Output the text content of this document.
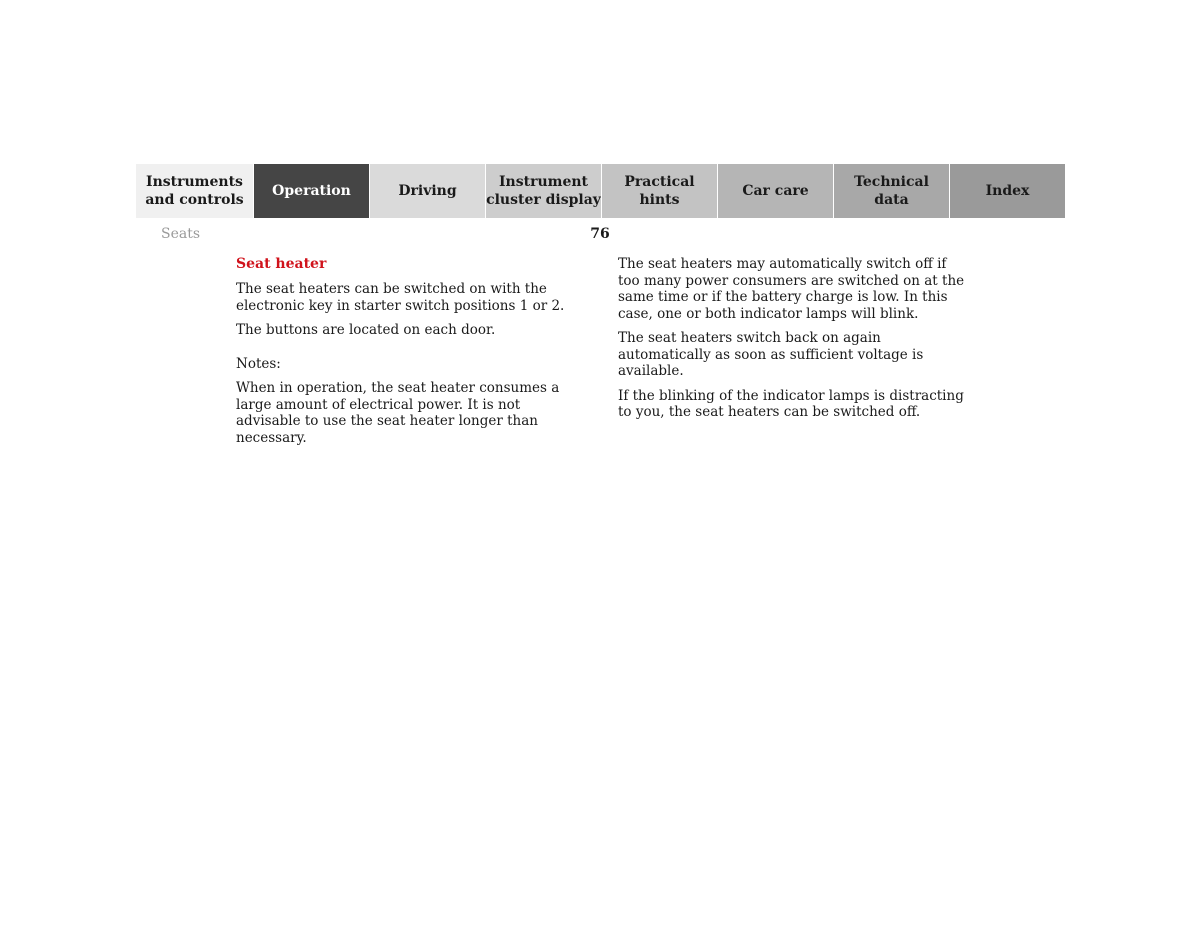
Instruments
and controls
Operation	Driving
Instrument
cluster display
Practical hints
Car care
Technical
data
Index
Seats	76
Seat heater

The seat heaters can be switched on with the electronic key in starter switch positions 1 or 2.

The buttons are located on each door.

Notes:

When in operation, the seat heater consumes a large amount of electrical power. It is not advisable to use the seat heater longer than necessary.

The seat heaters may automatically switch off if too many power consumers are switched on at the same time or if the battery charge is low. In this case, one or both indicator lamps will blink.

The seat heaters switch back on again automatically as soon as sufficient voltage is available.

If the blinking of the indicator lamps is distracting to you, the seat heaters can be switched off.
